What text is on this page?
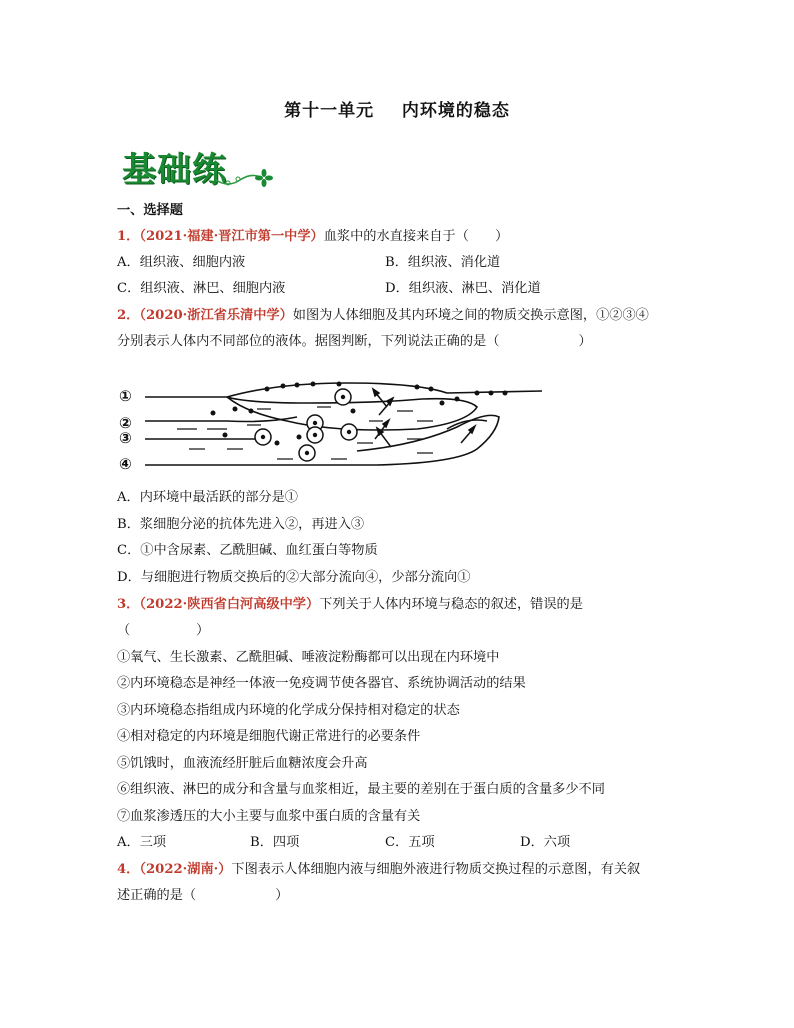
第十一单元    内环境的稳态
基础练
一、选择题
1．（2021·福建·晋江市第一中学）血浆中的水直接来自于（　　）
A．组织液、细胞内液	B．组织液、消化道
C．组织液、淋巴、细胞内液	D．组织液、淋巴、消化道
2．（2020·浙江省乐清中学）如图为人体细胞及其内环境之间的物质交换示意图，①②③④
分别表示人体内不同部位的液体。据图判断，下列说法正确的是（　　　　　　）
①
②
③
④
A．内环境中最活跃的部分是①
B．浆细胞分泌的抗体先进入②，再进入③
C．①中含尿素、乙酰胆碱、血红蛋白等物质
D．与细胞进行物质交换后的②大部分流向④，少部分流向①
3．（2022·陕西省白河高级中学）下列关于人体内环境与稳态的叙述，错误的是
（　　　　　）
①氧气、生长激素、乙酰胆碱、唾液淀粉酶都可以出现在内环境中
②内环境稳态是神经一体液一免疫调节使各器官、系统协调活动的结果
③内环境稳态指组成内环境的化学成分保持相对稳定的状态
④相对稳定的内环境是细胞代谢正常进行的必要条件
⑤饥饿时，血液流经肝脏后血糖浓度会升高
⑥组织液、淋巴的成分和含量与血浆相近，最主要的差别在于蛋白质的含量多少不同
⑦血浆渗透压的大小主要与血浆中蛋白质的含量有关
A．三项	B．四项	C．五项	D．六项
4．（2022·湖南·）下图表示人体细胞内液与细胞外液进行物质交换过程的示意图，有关叙
述正确的是（　　　　　　）
